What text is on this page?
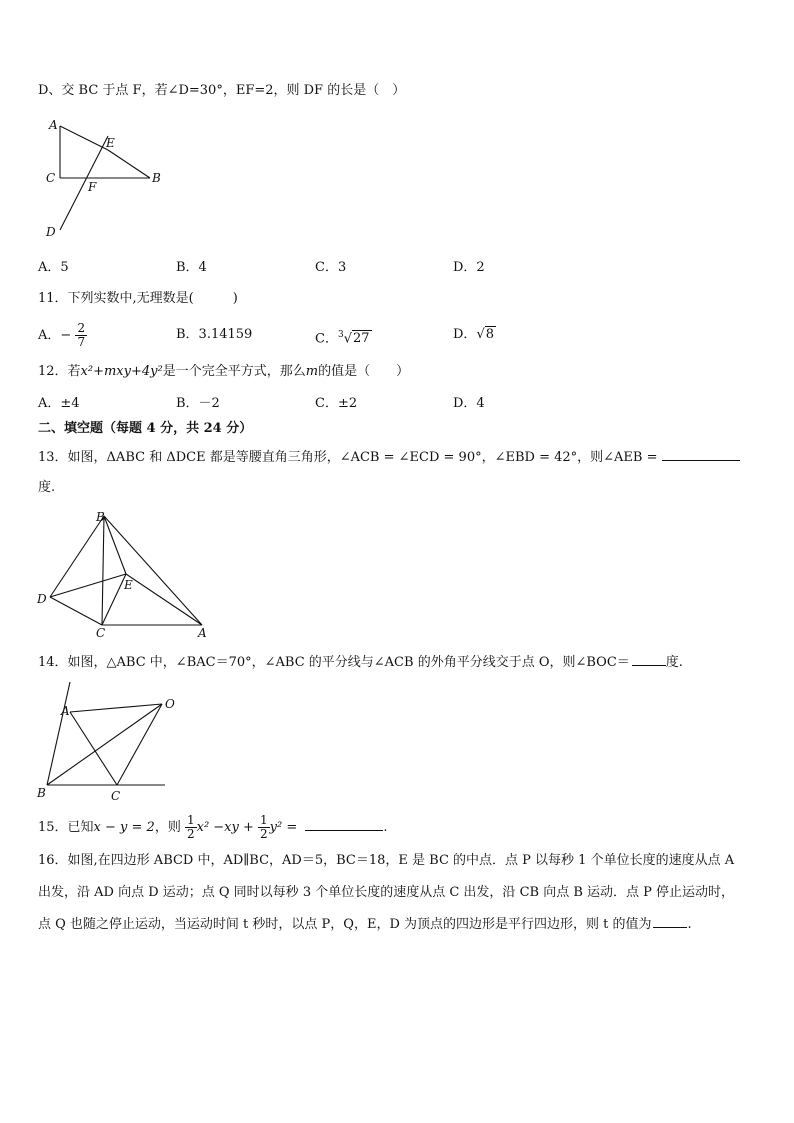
D、交 BC 于点 F，若∠D=30°，EF=2，则 DF 的长是（　）
A
E
C
F
B
D
A．5	B．4	C．3	D．2
11．下列实数中,无理数是(　　　)
A．− $\frac{2}{7}$	B．3.14159	C．$^3$√27	D．√8
12．若x²+mxy+4y²是一个完全平方式，那么m的值是（　　）
A．±4	B．－2	C．±2	D．4
二、填空题（每题 4 分，共 24 分）
13．如图，ΔABC 和 ΔDCE 都是等腰直角三角形，∠ACB = ∠ECD = 90°，∠EBD = 42°，则∠AEB =
度.
B
D
E
C	A
14．如图，△ABC 中，∠BAC＝70°，∠ABC 的平分线与∠ACB 的外角平分线交于点 O，则∠BOC＝	度.
A	O
B	C
15．已知x − y = 2，则 $\frac{1}{2} x^2 -xy + \frac{1}{2} y^2$ =	.
16．如图,在四边形 ABCD 中，AD∥BC，AD＝5，BC＝18，E 是 BC 的中点．点 P 以每秒 1 个单位长度的速度从点 A
出发，沿 AD 向点 D 运动；点 Q 同时以每秒 3 个单位长度的速度从点 C 出发，沿 CB 向点 B 运动．点 P 停止运动时，
点 Q 也随之停止运动，当运动时间 t 秒时，以点 P，Q，E，D 为顶点的四边形是平行四边形，则 t 的值为	.
